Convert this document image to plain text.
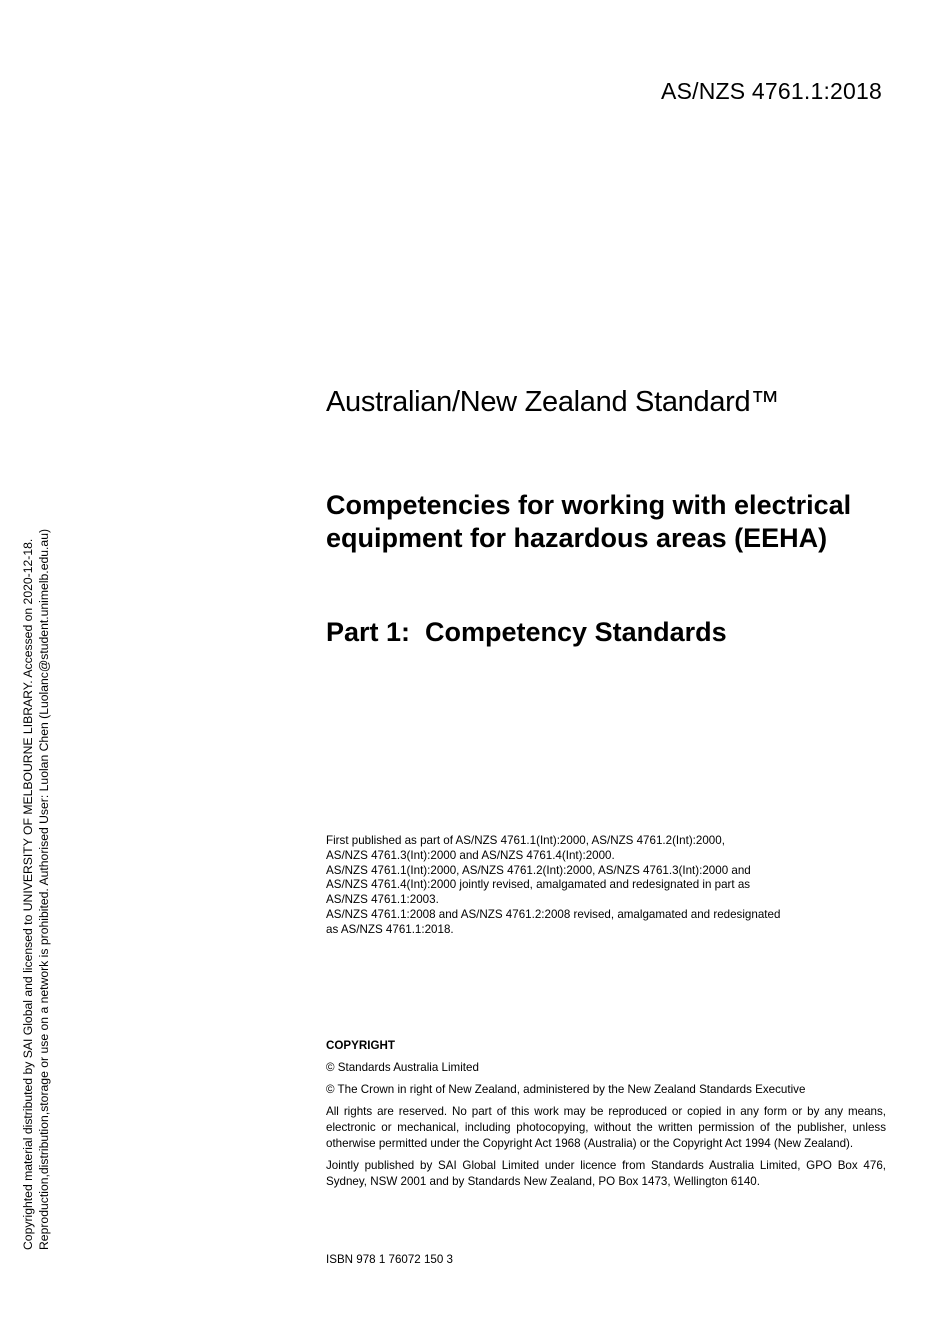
AS/NZS 4761.1:2018
Australian/New Zealand Standard™
Competencies for working with electrical equipment for hazardous areas (EEHA)
Part 1:  Competency Standards
First published as part of AS/NZS 4761.1(Int):2000, AS/NZS 4761.2(Int):2000,
AS/NZS 4761.3(Int):2000 and AS/NZS 4761.4(Int):2000.
AS/NZS 4761.1(Int):2000, AS/NZS 4761.2(Int):2000, AS/NZS 4761.3(Int):2000 and
AS/NZS 4761.4(Int):2000 jointly revised, amalgamated and redesignated in part as
AS/NZS 4761.1:2003.
AS/NZS 4761.1:2008 and AS/NZS 4761.2:2008 revised, amalgamated and redesignated
as AS/NZS 4761.1:2018.
COPYRIGHT

© Standards Australia Limited

© The Crown in right of New Zealand, administered by the New Zealand Standards Executive

All rights are reserved. No part of this work may be reproduced or copied in any form or by any means, electronic or mechanical, including photocopying, without the written permission of the publisher, unless otherwise permitted under the Copyright Act 1968 (Australia) or the Copyright Act 1994 (New Zealand).

Jointly published by SAI Global Limited under licence from Standards Australia Limited, GPO Box 476, Sydney, NSW 2001 and by Standards New Zealand, PO Box 1473, Wellington 6140.

ISBN 978 1 76072 150 3
Copyrighted material distributed by SAI Global and licensed to UNIVERSITY OF MELBOURNE LIBRARY. Accessed on 2020-12-18. Reproduction,distribution,storage or use on a network is prohibited. Authorised User: Luolan Chen (Luolanc@student.unimelb.edu.au)
